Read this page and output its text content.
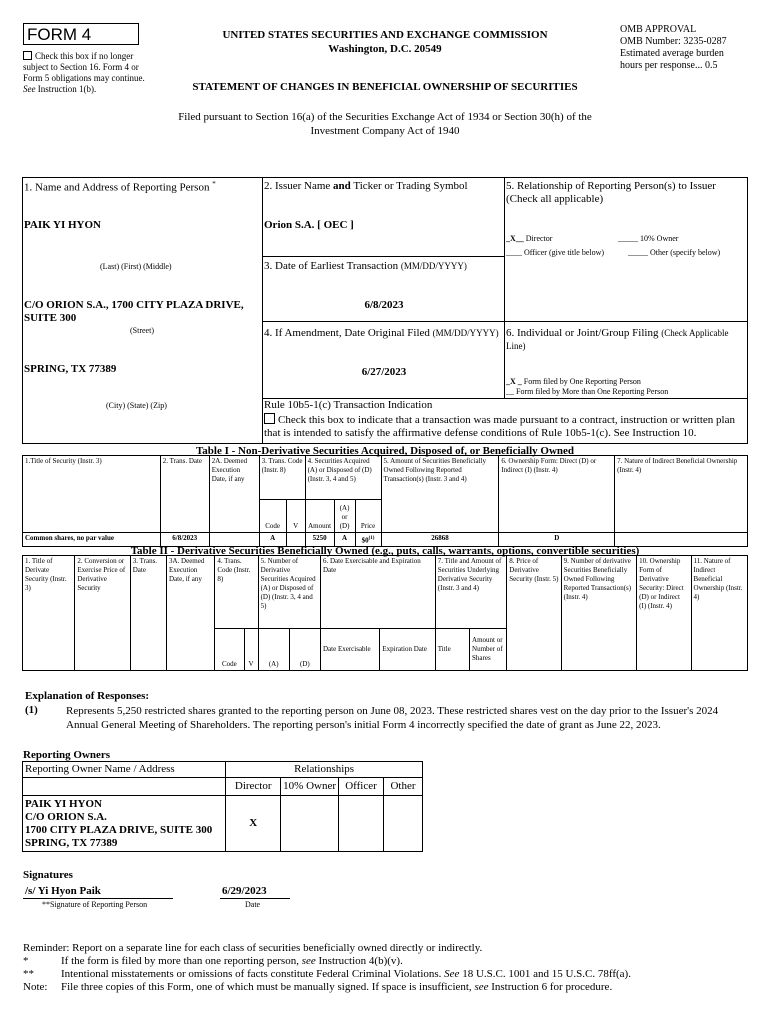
FORM 4
Check this box if no longer subject to Section 16. Form 4 or Form 5 obligations may continue. See Instruction 1(b).
UNITED STATES SECURITIES AND EXCHANGE COMMISSION
Washington, D.C. 20549
STATEMENT OF CHANGES IN BENEFICIAL OWNERSHIP OF SECURITIES
Filed pursuant to Section 16(a) of the Securities Exchange Act of 1934 or Section 30(h) of the
Investment Company Act of 1940
OMB APPROVAL
OMB Number: 3235-0287
Estimated average burden
hours per response... 0.5
1. Name and Address of Reporting Person *
PAIK YI HYON
(Last) (First) (Middle)
C/O ORION S.A., 1700 CITY PLAZA DRIVE, SUITE 300
(Street)
SPRING, TX 77389
(City) (State) (Zip)
2. Issuer Name and Ticker or Trading Symbol
Orion S.A. [ OEC ]
3. Date of Earliest Transaction (MM/DD/YYYY)
6/8/2023
4. If Amendment, Date Original Filed (MM/DD/YYYY)
6/27/2023
5. Relationship of Reporting Person(s) to Issuer (Check all applicable)
_X__ Director	_____ 10% Owner
____ Officer (give title below)	_____ Other (specify below)
6. Individual or Joint/Group Filing (Check Applicable Line)
_X _ Form filed by One Reporting Person
__ Form filed by More than One Reporting Person
Rule 10b5-1(c) Transaction Indication
Check this box to indicate that a transaction was made pursuant to a contract, instruction or written plan that is intended to satisfy the affirmative defense conditions of Rule 10b5-1(c). See Instruction 10.
Table I - Non-Derivative Securities Acquired, Disposed of, or Beneficially Owned
1.Title of Security (Instr. 3)	2. Trans. Date	2A. Deemed Execution Date, if any	3. Trans. Code (Instr. 8)		4. Securities Acquired (A) or Disposed of (D) (Instr. 3, 4 and 5)			5. Amount of Securities Beneficially Owned Following Reported Transaction(s) (Instr. 3 and 4)	6. Ownership Form: Direct (D) or Indirect (I) (Instr. 4)	7. Nature of Indirect Beneficial Ownership (Instr. 4)
			Code	V	Amount	(A) or (D)	Price			
Common shares, no par value	6/8/2023		A		5250	A	$0$^{(1)}$	26868	D	
Table II - Derivative Securities Beneficially Owned (e.g., puts, calls, warrants, options, convertible securities)
1. Title of Derivate Security (Instr. 3)	2. Conversion or Exercise Price of Derivative Security	3. Trans. Date	3A. Deemed Execution Date, if any	4. Trans. Code (Instr. 8)		5. Number of Derivative Securities Acquired (A) or Disposed of (D) (Instr. 3, 4 and 5)		6. Date Exercisable and Expiration Date		7. Title and Amount of Securities Underlying Derivative Security (Instr. 3 and 4)		8. Price of Derivative Security (Instr. 5)	9. Number of derivative Securities Beneficially Owned Following Reported Transaction(s) (Instr. 4)	10. Ownership Form of Derivative Security: Direct (D) or Indirect (I) (Instr. 4)	11. Nature of Indirect Beneficial Ownership (Instr. 4)
				Code	V	(A)	(D)	Date Exercisable	Expiration Date	Title	Amount or Number of Shares				
Explanation of Responses:
(1)	Represents 5,250 restricted shares granted to the reporting person on June 08, 2023. These restricted shares vest on the day prior to the Issuer's 2024 Annual General Meeting of Shareholders. The reporting person's initial Form 4 incorrectly specified the date of grant as June 22, 2023.
Reporting Owners
Reporting Owner Name / Address	Relationships			
	Director	10% Owner	Officer	Other

PAIK YI HYON
C/O ORION S.A.
1700 CITY PLAZA DRIVE, SUITE 300
SPRING, TX 77389	X			
Signatures
/s/ Yi Hyon Paik	6/29/2023
**Signature of Reporting Person	Date
Reminder: Report on a separate line for each class of securities beneficially owned directly or indirectly.
*	If the form is filed by more than one reporting person, see Instruction 4(b)(v).
** Intentional misstatements or omissions of facts constitute Federal Criminal Violations. See 18 U.S.C. 1001 and 15 U.S.C. 78ff(a).
Note: File three copies of this Form, one of which must be manually signed. If space is insufficient, see Instruction 6 for procedure.
